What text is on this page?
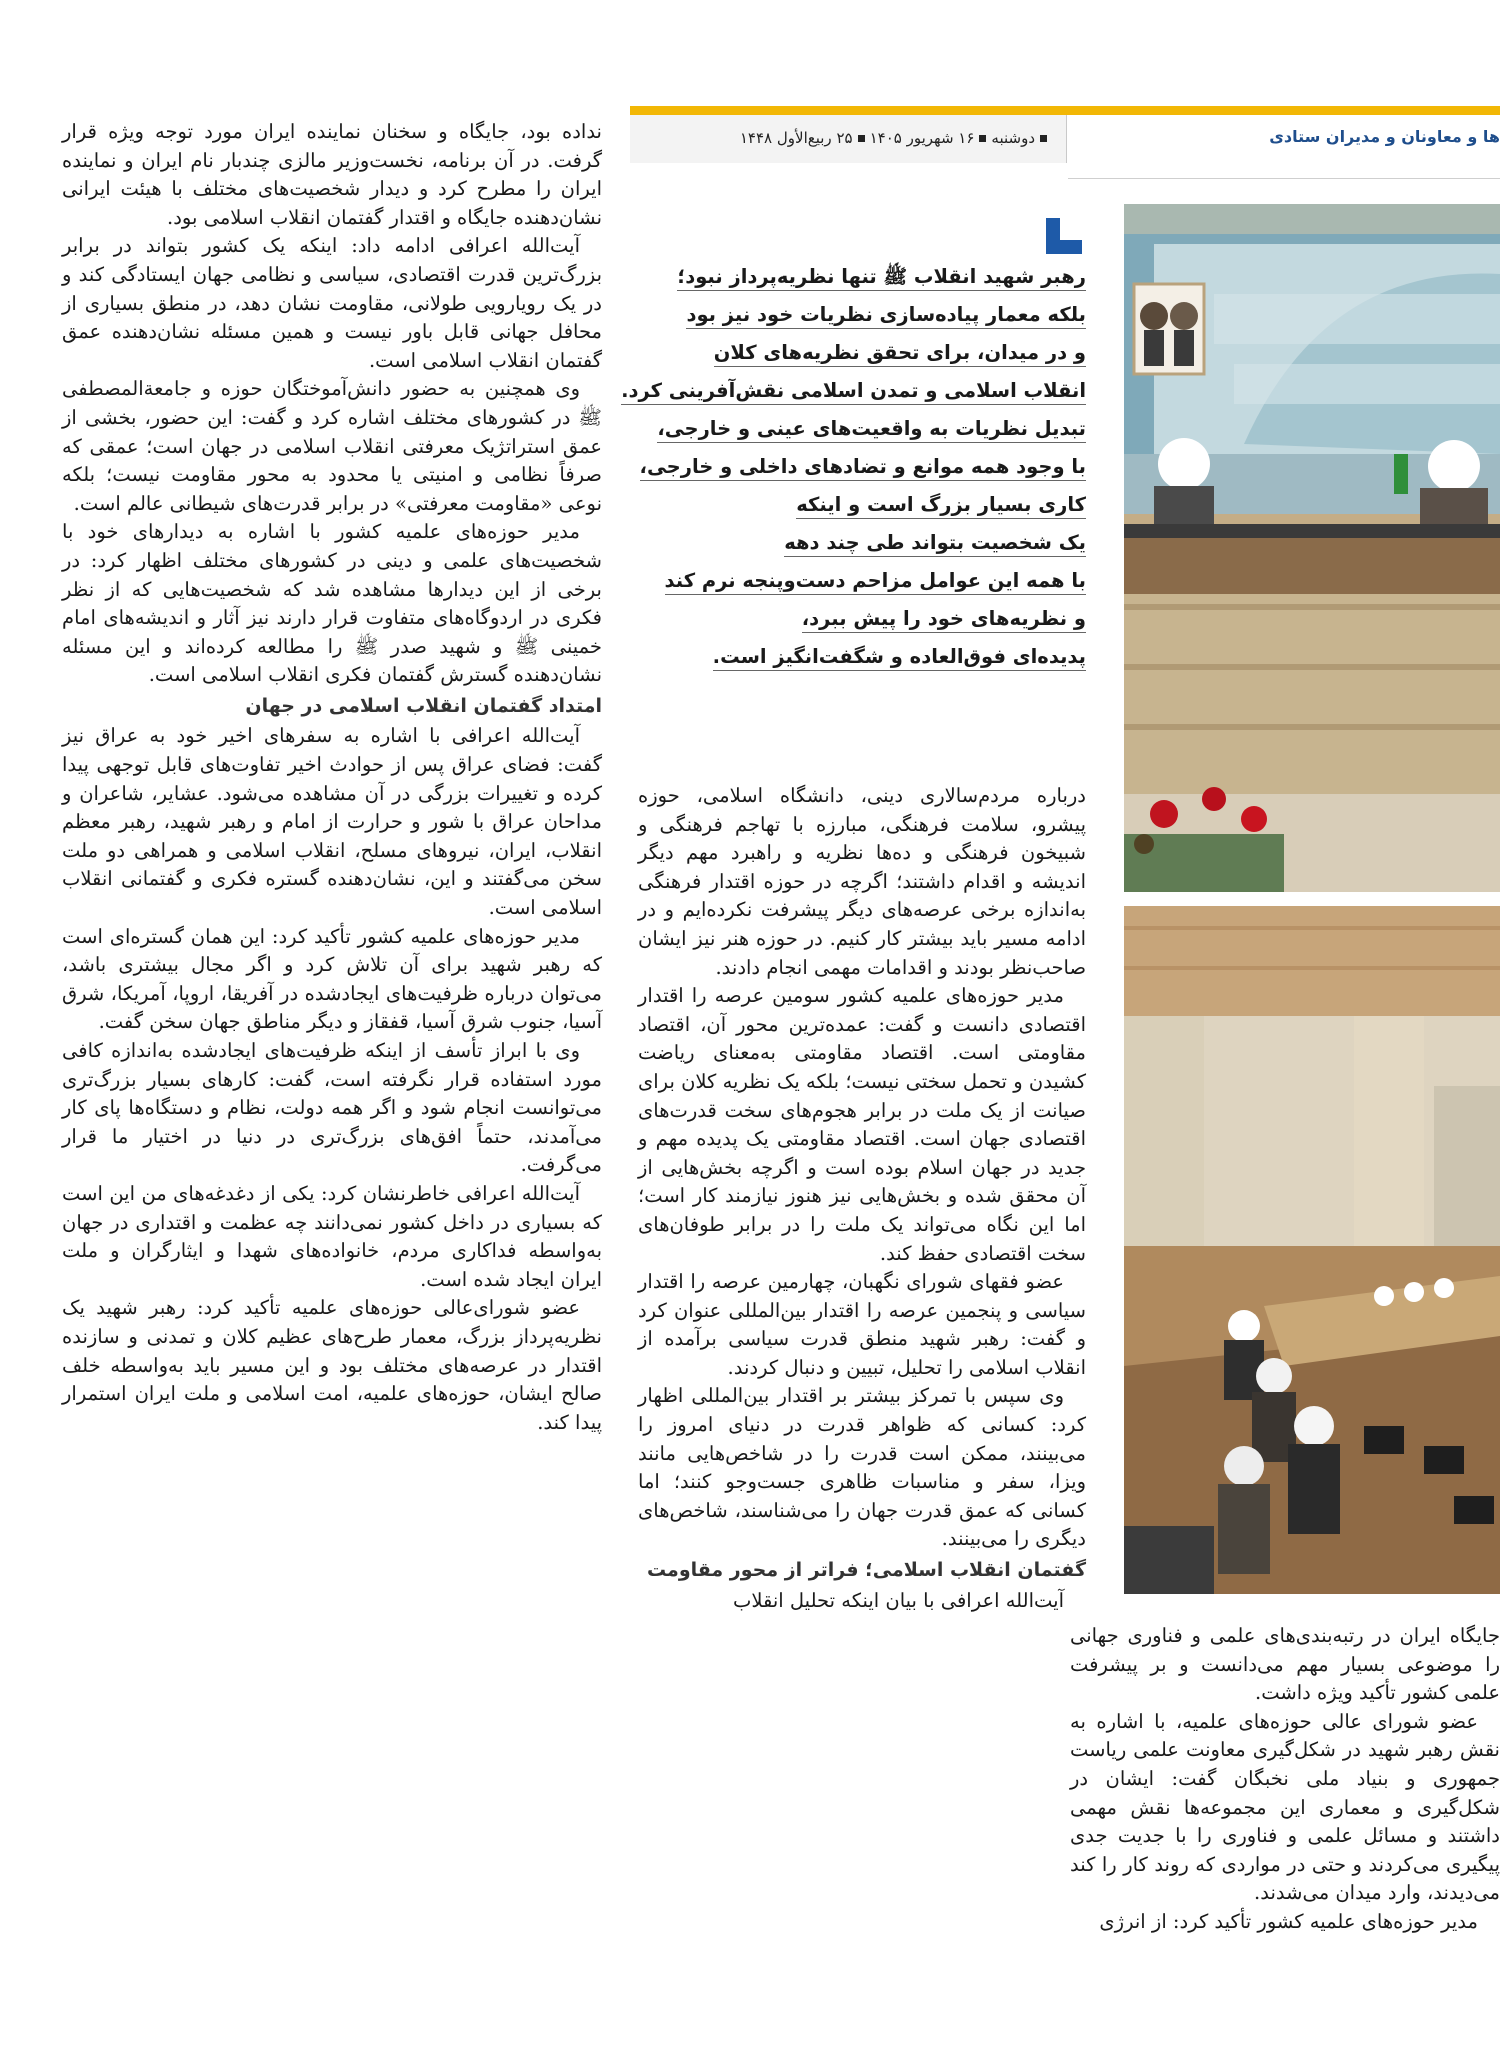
دوشنبه۱۶ شهریور ۱۴۰۵۲۵ ربیع‌الأول ۱۴۴۸	ها و معاونان و مدیران ستادی
رهبر شهید انقلاب ﷺ تنها نظریه‌پرداز نبود؛
بلکه معمار پیاده‌سازی نظریات خود نیز بود
و در میدان، برای تحقق نظریه‌های کلان
انقلاب اسلامی و تمدن اسلامی نقش‌آفرینی کرد.
تبدیل نظریات به واقعیت‌های عینی و خارجی،
با وجود همه موانع و تضادهای داخلی و خارجی،
کاری بسیار بزرگ است و اینکه
یک شخصیت بتواند طی چند دهه
با همه این عوامل مزاحم دست‌وپنجه نرم کند
و نظریه‌های خود را پیش ببرد،
پدیده‌ای فوق‌العاده و شگفت‌انگیز است.

نداده بود، جایگاه و سخنان نماینده ایران مورد توجه ویژه قرار گرفت. در آن برنامه، نخست‌وزیر مالزی چندبار نام ایران و نماینده ایران را مطرح کرد و دیدار شخصیت‌های مختلف با هیئت ایرانی نشان‌دهنده جایگاه و اقتدار گفتمان انقلاب اسلامی بود.

آیت‌الله اعرافی ادامه داد: اینکه یک کشور بتواند در برابر بزرگ‌ترین قدرت اقتصادی، سیاسی و نظامی جهان ایستادگی کند و در یک رویارویی طولانی، مقاومت نشان دهد، در منطق بسیاری از محافل جهانی قابل باور نیست و همین مسئله نشان‌دهنده عمق گفتمان انقلاب اسلامی است.

وی همچنین به حضور دانش‌آموختگان حوزه و جامعةالمصطفی ﷺ در کشورهای مختلف اشاره کرد و گفت: این حضور، بخشی از عمق استراتژیک معرفتی انقلاب اسلامی در جهان است؛ عمقی که صرفاً نظامی و امنیتی یا محدود به محور مقاومت نیست؛ بلکه نوعی «مقاومت معرفتی» در برابر قدرت‌های شیطانی عالم است.

مدیر حوزه‌های علمیه کشور با اشاره به دیدارهای خود با شخصیت‌های علمی و دینی در کشورهای مختلف اظهار کرد: در برخی از این دیدارها مشاهده شد که شخصیت‌هایی که از نظر فکری در اردوگاه‌های متفاوت قرار دارند نیز آثار و اندیشه‌های امام خمینی ﷺ و شهید صدر ﷺ را مطالعه کرده‌اند و این مسئله نشان‌دهنده گسترش گفتمان فکری انقلاب اسلامی است.

امتداد گفتمان انقلاب اسلامی در جهان

آیت‌الله اعرافی با اشاره به سفرهای اخیر خود به عراق نیز گفت: فضای عراق پس از حوادث اخیر تفاوت‌های قابل توجهی پیدا کرده و تغییرات بزرگی در آن مشاهده می‌شود. عشایر، شاعران و مداحان عراق با شور و حرارت از امام و رهبر شهید، رهبر معظم انقلاب، ایران، نیروهای مسلح، انقلاب اسلامی و همراهی دو ملت سخن می‌گفتند و این، نشان‌دهنده گستره فکری و گفتمانی انقلاب اسلامی است.

مدیر حوزه‌های علمیه کشور تأکید کرد: این همان گستره‌ای است که رهبر شهید برای آن تلاش کرد و اگر مجال بیشتری باشد، می‌توان درباره ظرفیت‌های ایجادشده در آفریقا، اروپا، آمریکا، شرق آسیا، جنوب شرق آسیا، قفقاز و دیگر مناطق جهان سخن گفت.

وی با ابراز تأسف از اینکه ظرفیت‌های ایجادشده به‌اندازه کافی مورد استفاده قرار نگرفته است، گفت: کارهای بسیار بزرگ‌تری می‌توانست انجام شود و اگر همه دولت، نظام و دستگاه‌ها پای کار می‌آمدند، حتماً افق‌های بزرگ‌تری در دنیا در اختیار ما قرار می‌گرفت.

آیت‌الله اعرافی خاطرنشان کرد: یکی از دغدغه‌های من این است که بسیاری در داخل کشور نمی‌دانند چه عظمت و اقتداری در جهان به‌واسطه فداکاری مردم، خانواده‌های شهدا و ایثارگران و ملت ایران ایجاد شده است.

عضو شورای‌عالی حوزه‌های علمیه تأکید کرد: رهبر شهید یک نظریه‌پرداز بزرگ، معمار طرح‌های عظیم کلان و تمدنی و سازنده اقتدار در عرصه‌های مختلف بود و این مسیر باید به‌واسطه خلف صالح ایشان، حوزه‌های علمیه، امت اسلامی و ملت ایران استمرار پیدا کند.

درباره مردم‌سالاری دینی، دانشگاه اسلامی، حوزه پیشرو، سلامت فرهنگی، مبارزه با تهاجم فرهنگی و شبیخون فرهنگی و ده‌ها نظریه و راهبرد مهم دیگر اندیشه و اقدام داشتند؛ اگرچه در حوزه اقتدار فرهنگی به‌اندازه برخی عرصه‌های دیگر پیشرفت نکرده‌ایم و در ادامه مسیر باید بیشتر کار کنیم. در حوزه هنر نیز ایشان صاحب‌نظر بودند و اقدامات مهمی انجام دادند.

مدیر حوزه‌های علمیه کشور سومین عرصه را اقتدار اقتصادی دانست و گفت: عمده‌ترین محور آن، اقتصاد مقاومتی است. اقتصاد مقاومتی به‌معنای ریاضت کشیدن و تحمل سختی نیست؛ بلکه یک نظریه کلان برای صیانت از یک ملت در برابر هجوم‌های سخت قدرت‌های اقتصادی جهان است. اقتصاد مقاومتی یک پدیده مهم و جدید در جهان اسلام بوده است و اگرچه بخش‌هایی از آن محقق شده و بخش‌هایی نیز هنوز نیازمند کار است؛ اما این نگاه می‌تواند یک ملت را در برابر طوفان‌های سخت اقتصادی حفظ کند.

عضو فقهای شورای نگهبان، چهارمین عرصه را اقتدار سیاسی و پنجمین عرصه را اقتدار بین‌المللی عنوان کرد و گفت: رهبر شهید منطق قدرت سیاسی برآمده از انقلاب اسلامی را تحلیل، تبیین و دنبال کردند.

وی سپس با تمرکز بیشتر بر اقتدار بین‌المللی اظهار کرد: کسانی که ظواهر قدرت در دنیای امروز را می‌بینند، ممکن است قدرت را در شاخص‌هایی مانند ویزا، سفر و مناسبات ظاهری جست‌وجو کنند؛ اما کسانی که عمق قدرت جهان را می‌شناسند، شاخص‌های دیگری را می‌بینند.

گفتمان انقلاب اسلامی؛ فراتر از محور مقاومت

آیت‌الله اعرافی با بیان اینکه تحلیل انقلاب

جایگاه ایران در رتبه‌بندی‌های علمی و فناوری جهانی را موضوعی بسیار مهم می‌دانست و بر پیشرفت علمی کشور تأکید ویژه داشت.

عضو شورای عالی حوزه‌های علمیه، با اشاره به نقش رهبر شهید در شکل‌گیری معاونت علمی ریاست جمهوری و بنیاد ملی نخبگان گفت: ایشان در شکل‌گیری و معماری این مجموعه‌ها نقش مهمی داشتند و مسائل علمی و فناوری را با جدیت جدی پیگیری می‌کردند و حتی در مواردی که روند کار را کند می‌دیدند، وارد میدان می‌شدند.

مدیر حوزه‌های علمیه کشور تأکید کرد: از انرژی
